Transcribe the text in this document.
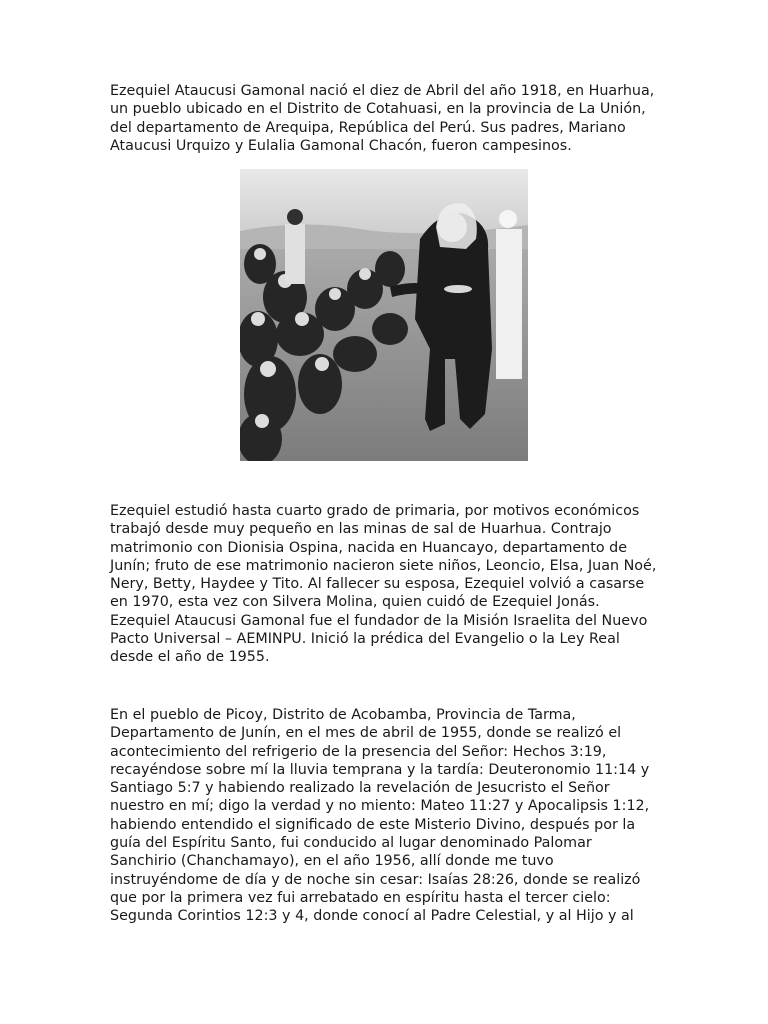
Ezequiel Ataucusi Gamonal nació el diez de Abril del año 1918, en Huarhua,
un pueblo ubicado en el Distrito de Cotahuasi, en la provincia de La Unión,
del departamento de Arequipa, República del Perú. Sus padres, Mariano
Ataucusi Urquizo y Eulalia Gamonal Chacón, fueron campesinos.

Ezequiel estudió hasta cuarto grado de primaria, por motivos económicos
trabajó desde muy pequeño en las minas de sal de Huarhua. Contrajo
matrimonio con Dionisia Ospina, nacida en Huancayo, departamento de
Junín; fruto de ese matrimonio nacieron siete niños, Leoncio, Elsa, Juan Noé,
Nery, Betty, Haydee y Tito. Al fallecer su esposa, Ezequiel volvió a casarse
en 1970, esta vez con Silvera Molina, quien cuidó de Ezequiel Jonás.
Ezequiel Ataucusi Gamonal fue el fundador de la Misión Israelita del Nuevo
Pacto Universal – AEMINPU. Inició la prédica del Evangelio o la Ley Real
desde el año de 1955.

En el pueblo de Picoy, Distrito de Acobamba, Provincia de Tarma,
Departamento de Junín, en el mes de abril de 1955, donde se realizó el
acontecimiento del refrigerio de la presencia del Señor: Hechos 3:19,
recayéndose sobre mí la lluvia temprana y la tardía: Deuteronomio 11:14 y
Santiago 5:7 y habiendo realizado la revelación de Jesucristo el Señor
nuestro en mí; digo la verdad y no miento: Mateo 11:27 y Apocalipsis 1:12,
habiendo entendido el significado de este Misterio Divino, después por la
guía del Espíritu Santo, fui conducido al lugar denominado Palomar
Sanchirio (Chanchamayo), en el año 1956, allí donde me tuvo
instruyéndome de día y de noche sin cesar: Isaías 28:26, donde se realizó
que por la primera vez fui arrebatado en espíritu hasta el tercer cielo:
Segunda Corintios 12:3 y 4, donde conocí al Padre Celestial, y al Hijo y al
